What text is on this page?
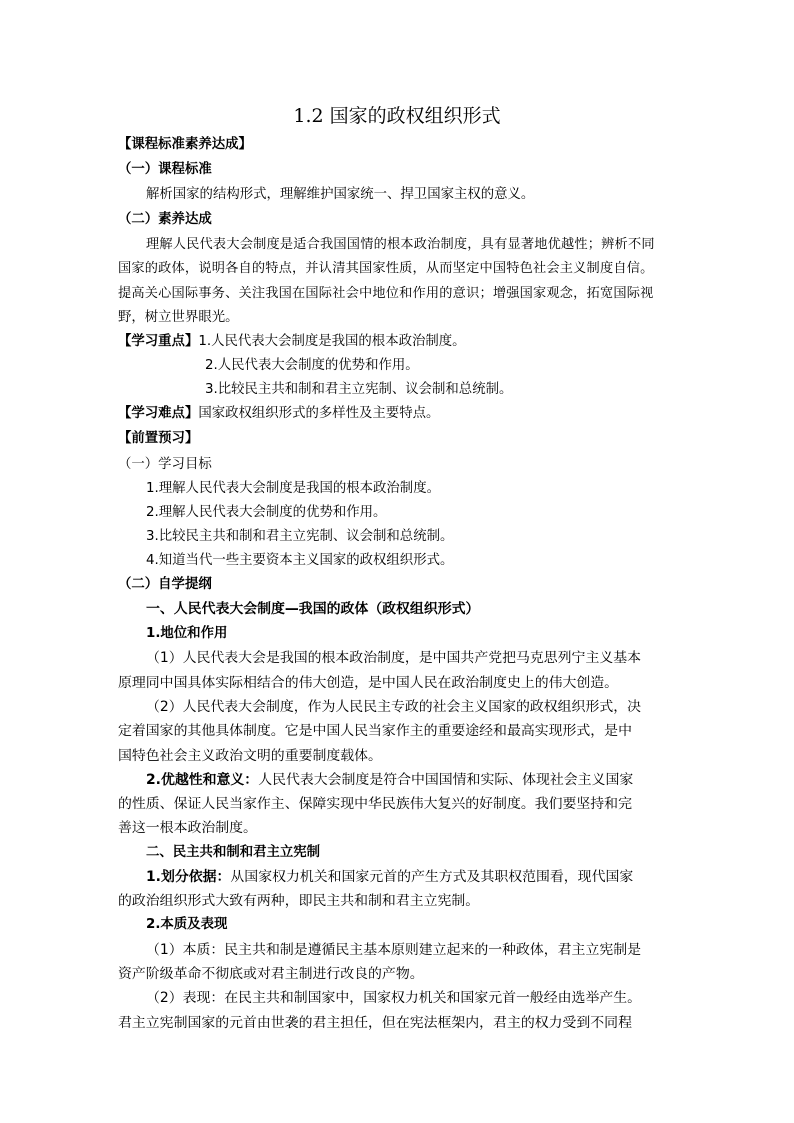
1.2 国家的政权组织形式
【课程标准素养达成】
（一）课程标准
解析国家的结构形式，理解维护国家统一、捍卫国家主权的意义。
（二）素养达成
理解人民代表大会制度是适合我国国情的根本政治制度，具有显著地优越性；辨析不同
国家的政体，说明各自的特点，并认清其国家性质，从而坚定中国特色社会主义制度自信。
提高关心国际事务、关注我国在国际社会中地位和作用的意识；增强国家观念，拓宽国际视
野，树立世界眼光。
【学习重点】1.人民代表大会制度是我国的根本政治制度。
2.人民代表大会制度的优势和作用。
3.比较民主共和制和君主立宪制、议会制和总统制。
【学习难点】国家政权组织形式的多样性及主要特点。
【前置预习】
（一）学习目标
1.理解人民代表大会制度是我国的根本政治制度。
2.理解人民代表大会制度的优势和作用。
3.比较民主共和制和君主立宪制、议会制和总统制。
4.知道当代一些主要资本主义国家的政权组织形式。
（二）自学提纲
一、人民代表大会制度—我国的政体（政权组织形式）
1.地位和作用
（1）人民代表大会是我国的根本政治制度，是中国共产党把马克思列宁主义基本
原理同中国具体实际相结合的伟大创造，是中国人民在政治制度史上的伟大创造。
（2）人民代表大会制度，作为人民民主专政的社会主义国家的政权组织形式，决
定着国家的其他具体制度。它是中国人民当家作主的重要途经和最高实现形式，是中
国特色社会主义政治文明的重要制度载体。
2.优越性和意义：人民代表大会制度是符合中国国情和实际、体现社会主义国家
的性质、保证人民当家作主、保障实现中华民族伟大复兴的好制度。我们要坚持和完
善这一根本政治制度。
二、民主共和制和君主立宪制
1.划分依据：从国家权力机关和国家元首的产生方式及其职权范围看，现代国家
的政治组织形式大致有两种，即民主共和制和君主立宪制。
2.本质及表现
（1）本质：民主共和制是遵循民主基本原则建立起来的一种政体，君主立宪制是
资产阶级革命不彻底或对君主制进行改良的产物。
（2）表现：在民主共和制国家中，国家权力机关和国家元首一般经由选举产生。
君主立宪制国家的元首由世袭的君主担任，但在宪法框架内，君主的权力受到不同程
